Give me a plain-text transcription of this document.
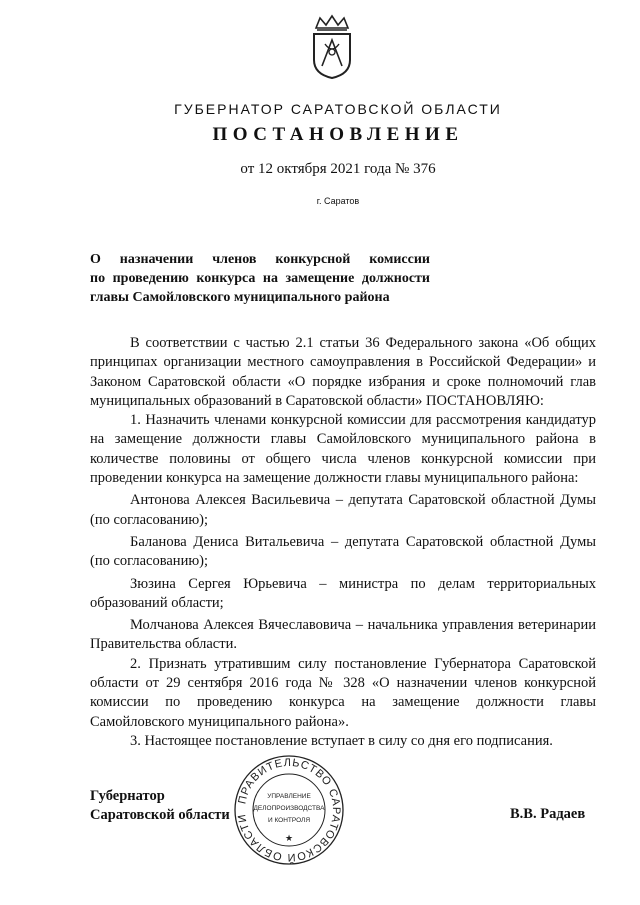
ГУБЕРНАТОР САРАТОВСКОЙ ОБЛАСТИ
ПОСТАНОВЛЕНИЕ
от 12 октября 2021 года № 376
г. Саратов
О назначении членов конкурсной комиссии
по проведению конкурса на замещение должности
главы Самойловского муниципального района

В соответствии с частью 2.1 статьи 36 Федерального закона «Об общих принципах организации местного самоуправления в Российской Федерации» и Законом Саратовской области «О порядке избрания и сроке полномочий глав муниципальных образований в Саратовской области» ПОСТАНОВЛЯЮ:

1. Назначить членами конкурсной комиссии для рассмотрения кандидатур на замещение должности главы Самойловского муниципального района в количестве половины от общего числа членов конкурсной комиссии при проведении конкурса на замещение должности главы муниципального района:

Антонова Алексея Васильевича – депутата Саратовской областной Думы (по согласованию);

Баланова Дениса Витальевича – депутата Саратовской областной Думы (по согласованию);

Зюзина Сергея Юрьевича – министра по делам территориальных образований области;

Молчанова Алексея Вячеславовича – начальника управления ветеринарии Правительства области.

2. Признать утратившим силу постановление Губернатора Саратовской области от 29 сентября 2016 года № 328 «О назначении членов конкурсной комиссии по проведению конкурса на замещение должности главы Самойловского муниципального района».

3. Настоящее постановление вступает в силу со дня его подписания.

Губернатор
Саратовской области	В.В. Радаев
ПРАВИТЕЛЬСТВО САРАТОВСКОЙ ОБЛАСТИ
УПРАВЛЕНИЕ
ДЕЛОПРОИЗВОДСТВА
И КОНТРОЛЯ
★
